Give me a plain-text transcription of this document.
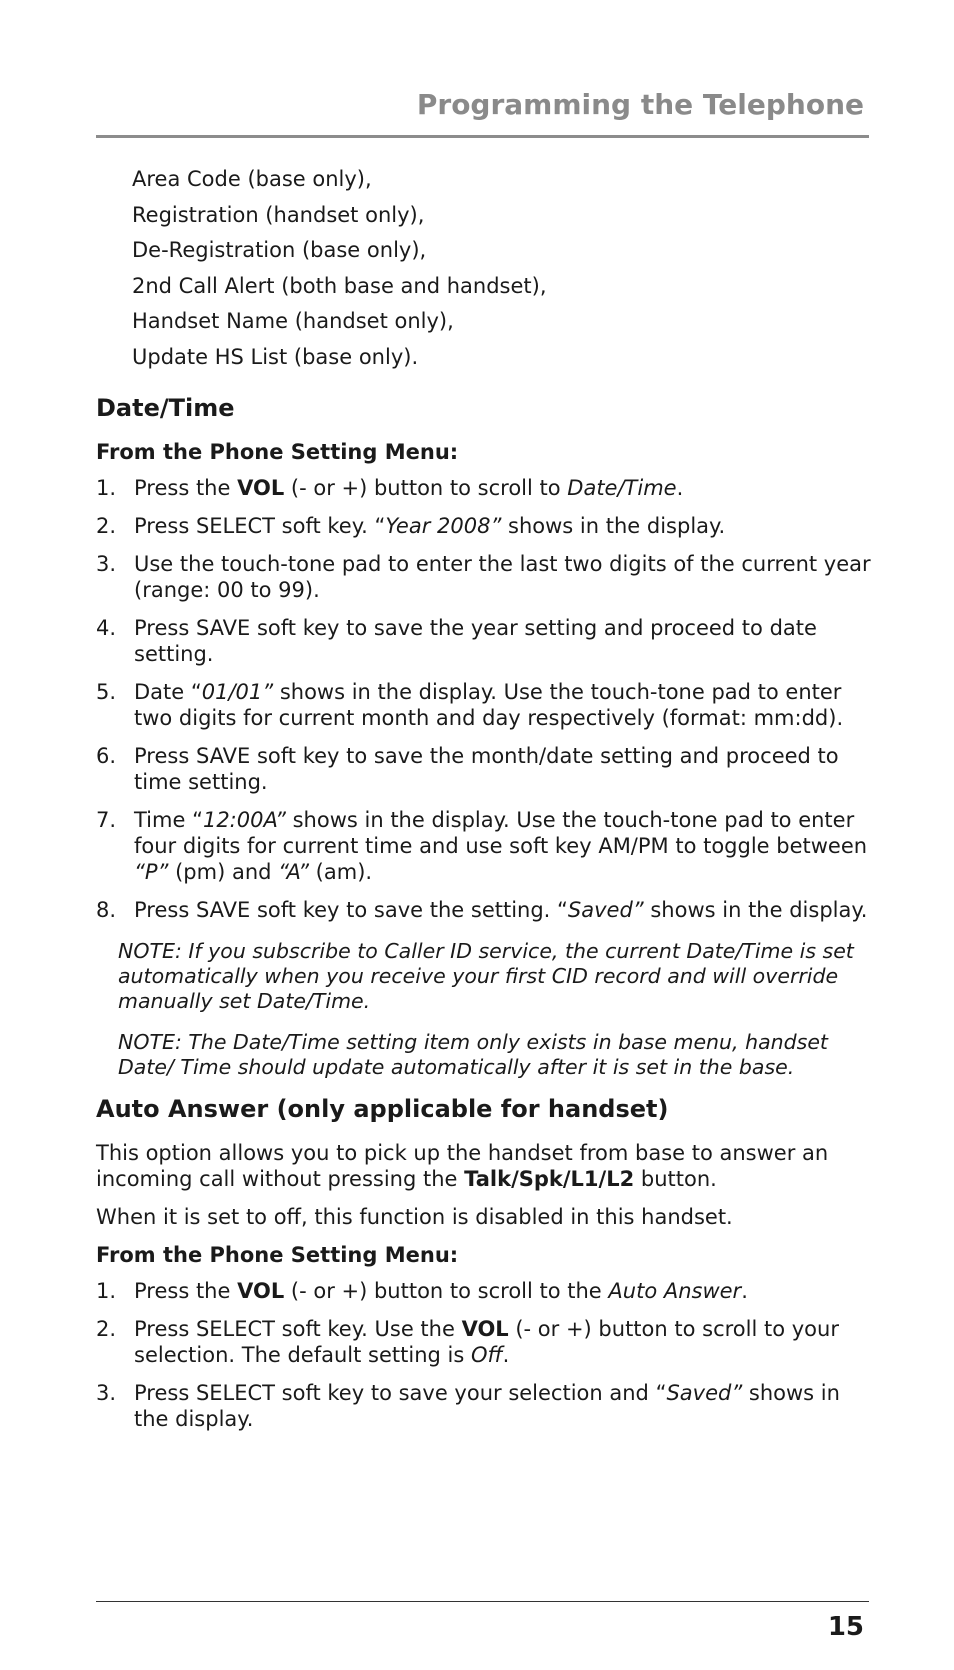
Programming the Telephone
Area Code (base only),
Registration (handset only),
De-Registration (base only),
2nd Call Alert (both base and handset),
Handset Name (handset only),
Update HS List (base only).
Date/Time
From the Phone Setting Menu:
1. Press the VOL (- or +) button to scroll to Date/Time.
2. Press SELECT soft key. “Year 2008” shows in the display.
3. Use the touch-tone pad to enter the last two digits of the current year (range: 00 to 99).
4. Press SAVE soft key to save the year setting and proceed to date setting.
5. Date “01/01” shows in the display. Use the touch-tone pad to enter two digits for current month and day respectively (format: mm:dd).
6. Press SAVE soft key to save the month/date setting and proceed to time setting.
7. Time “12:00A” shows in the display. Use the touch-tone pad to enter four digits for current time and use soft key AM/PM to toggle between “P” (pm) and “A” (am).
8. Press SAVE soft key to save the setting. “Saved” shows in the display.
NOTE: If you subscribe to Caller ID service, the current Date/Time is set automatically when you receive your first CID record and will override manually set Date/Time.
NOTE: The Date/Time setting item only exists in base menu, handset Date/ Time should update automatically after it is set in the base.
Auto Answer (only applicable for handset)

This option allows you to pick up the handset from base to answer an incoming call without pressing the Talk/Spk/L1/L2 button.

When it is set to off, this function is disabled in this handset.

From the Phone Setting Menu:
1. Press the VOL (- or +) button to scroll to the Auto Answer.
2. Press SELECT soft key. Use the VOL (- or +) button to scroll to your selection. The default setting is Off.
3. Press SELECT soft key to save your selection and “Saved” shows in the display.
15
